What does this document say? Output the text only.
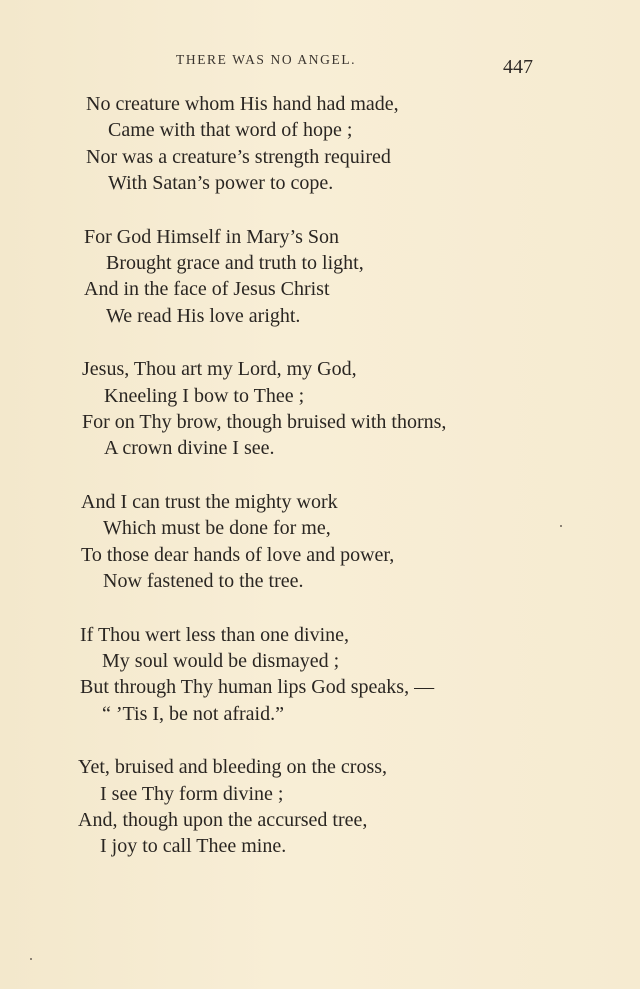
THERE WAS NO ANGEL.	447
No creature whom His hand had made,
Came with that word of hope ;
Nor was a creature’s strength required
With Satan’s power to cope.
For God Himself in Mary’s Son
Brought grace and truth to light,
And in the face of Jesus Christ
We read His love aright.
Jesus, Thou art my Lord, my God,
Kneeling I bow to Thee ;
For on Thy brow, though bruised with thorns,
A crown divine I see.
And I can trust the mighty work
Which must be done for me,
To those dear hands of love and power,
Now fastened to the tree.
If Thou wert less than one divine,
My soul would be dismayed ;
But through Thy human lips God speaks, —
“ ’Tis I, be not afraid.”
Yet, bruised and bleeding on the cross,
I see Thy form divine ;
And, though upon the accursed tree,
I joy to call Thee mine.
